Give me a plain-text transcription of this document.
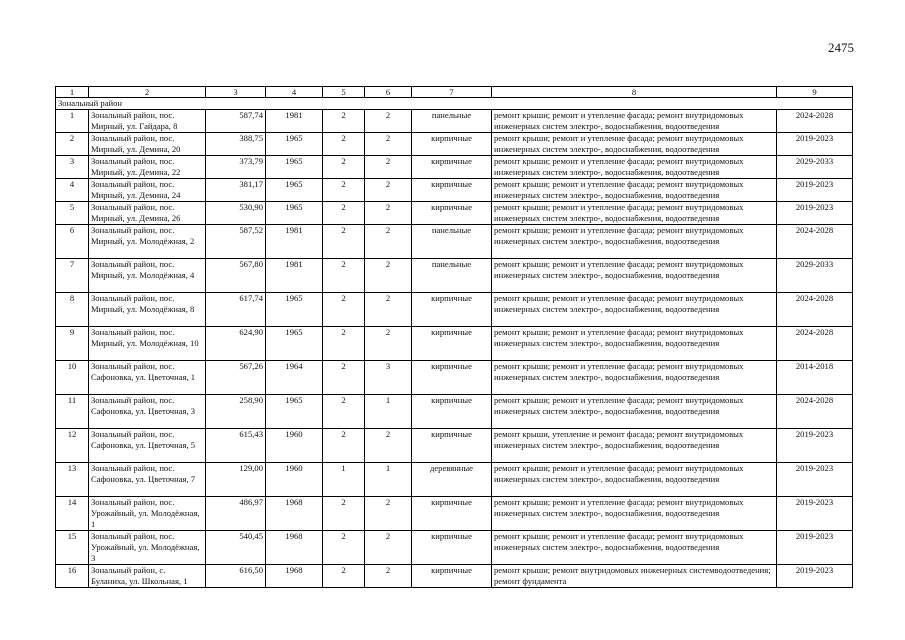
2475
1	2	3	4	5	6	7	8	9
Зональный район								
1	Зональный район, пос. Мирный, ул. Гайдара, 8	587,74	1981	2	2	панельные	ремонт крыши; ремонт и утепление фасада; ремонт внутридомовых инженерных систем электро-, водоснабжения, водоотведения	2024-2028
2	Зональный район, пос. Мирный, ул. Демина, 20	388,75	1965	2	2	кирпичные	ремонт крыши; ремонт и утепление фасада; ремонт внутридомовых инженерных систем электро-, водоснабжения, водоотведения	2019-2023
3	Зональный район, пос. Мирный, ул. Демина, 22	373,79	1965	2	2	кирпичные	ремонт крыши; ремонт и утепление фасада; ремонт внутридомовых инженерных систем электро-, водоснабжения, водоотведения	2029-2033
4	Зональный район, пос. Мирный, ул. Демина, 24	381,17	1965	2	2	кирпичные	ремонт крыши; ремонт и утепление фасада; ремонт внутридомовых инженерных систем электро-, водоснабжения, водоотведения	2019-2023
5	Зональный район, пос. Мирный, ул. Демина, 26	530,90	1965	2	2	кирпичные	ремонт крыши; ремонт и утепление фасада; ремонт внутридомовых инженерных систем электро-, водоснабжения, водоотведения	2019-2023
6	Зональный район, пос. Мирный, ул. Молодёжная, 2	587,52	1981	2	2	панельные	ремонт крыши; ремонт и утепление фасада; ремонт внутридомовых инженерных систем электро-, водоснабжения, водоотведения	2024-2028
7	Зональный район, пос. Мирный, ул. Молодёжная, 4	567,80	1981	2	2	панельные	ремонт крыши; ремонт и утепление фасада; ремонт внутридомовых инженерных систем электро-, водоснабжения, водоотведения	2029-2033
8	Зональный район, пос. Мирный, ул. Молодёжная, 8	617,74	1965	2	2	кирпичные	ремонт крыши; ремонт и утепление фасада; ремонт внутридомовых инженерных систем электро-, водоснабжения, водоотведения	2024-2028
9	Зональный район, пос. Мирный, ул. Молодёжная, 10	624,90	1965	2	2	кирпичные	ремонт крыши; ремонт и утепление фасада; ремонт внутридомовых инженерных систем электро-, водоснабжения, водоотведения	2024-2028
10	Зональный район, пос. Сафоновка, ул. Цветочная, 1	567,26	1964	2	3	кирпичные	ремонт крыши; ремонт и утепление фасада; ремонт внутридомовых инженерных систем электро-, водоснабжения, водоотведения	2014-2018
11	Зональный район, пос. Сафоновка, ул. Цветочная, 3	258,90	1965	2	1	кирпичные	ремонт крыши; ремонт и утепление фасада; ремонт внутридомовых инженерных систем электро-, водоснабжения, водоотведения	2024-2028
12	Зональный район, пос. Сафоновка, ул. Цветочная, 5	615,43	1960	2	2	кирпичные	ремонт крыши, утепление и ремонт фасада; ремонт внутридомовых инженерных систем электро-, водоснабжения, водоотведения	2019-2023
13	Зональный район, пос. Сафоновка, ул. Цветочная, 7	129,00	1960	1	1	деревянные	ремонт крыши; ремонт и утепление фасада; ремонт внутридомовых инженерных систем электро-, водоснабжения, водоотведения	2019-2023
14	Зональный район, пос. Урожайный, ул. Молодёжная, 1	486,97	1968	2	2	кирпичные	ремонт крыши; ремонт и утепление фасада; ремонт внутридомовых инженерных систем электро-, водоснабжения, водоотведения	2019-2023
15	Зональный район, пос. Урожайный, ул. Молодёжная, 3	540,45	1968	2	2	кирпичные	ремонт крыши; ремонт и утепление фасада; ремонт внутридомовых инженерных систем электро-, водоснабжения, водоотведения	2019-2023
16	Зональный район, с. Буланиха, ул. Школьная, 1	616,50	1968	2	2	кирпичные	ремонт крыши; ремонт внутридомовых инженерных системводоотведения; ремонт фундамента	2019-2023
